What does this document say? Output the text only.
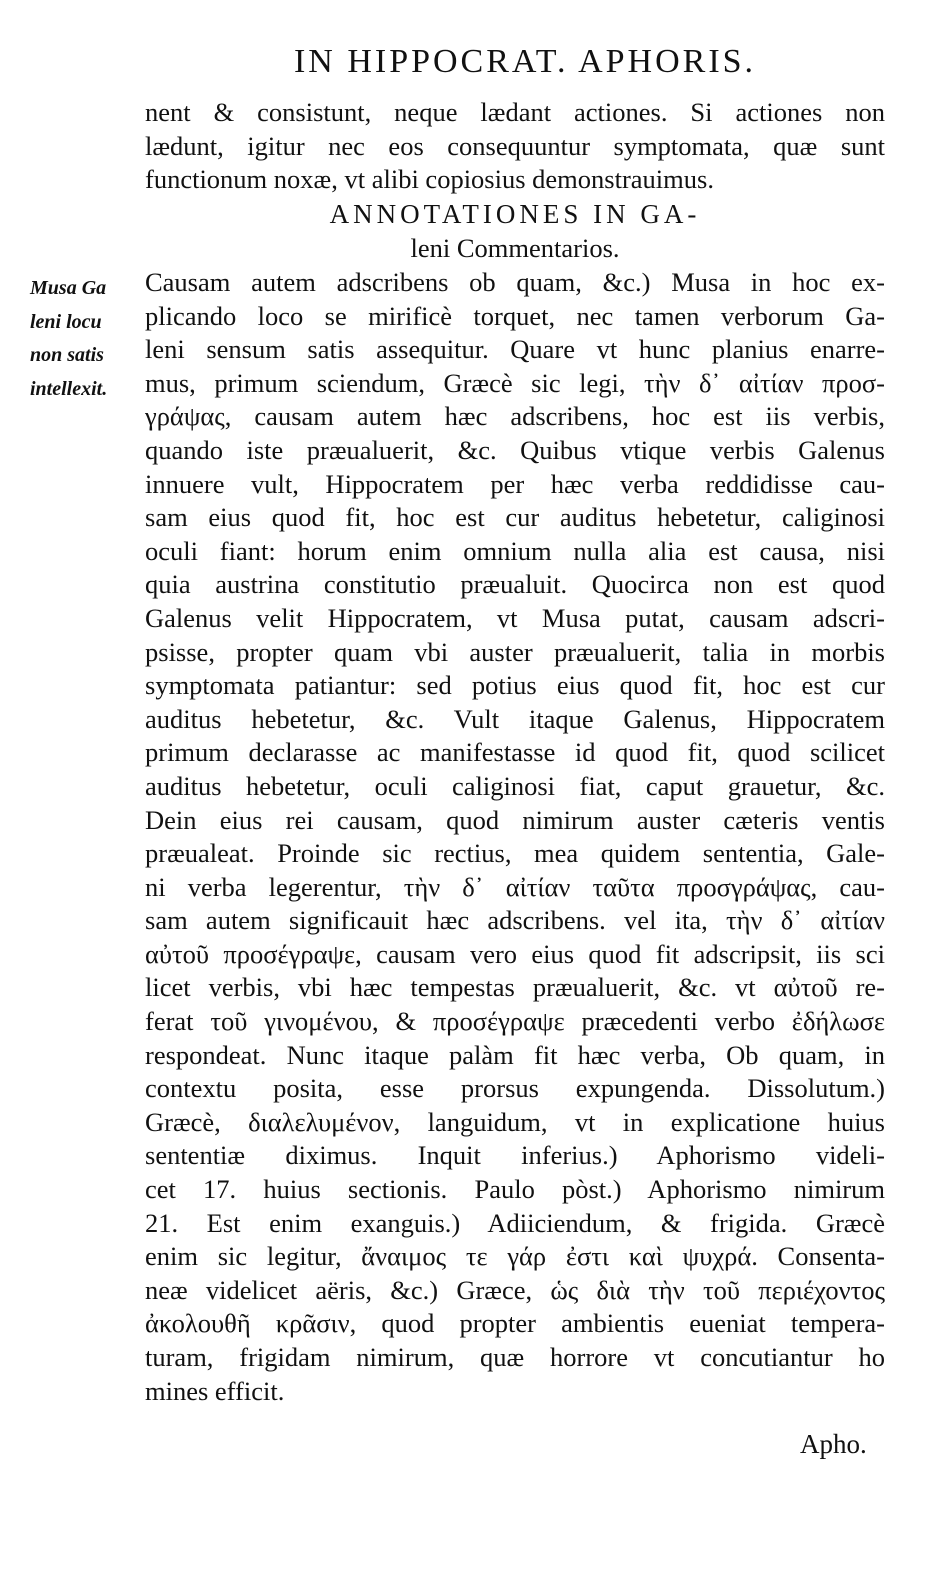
IN HIPPOCRAT. APHORIS.
nent & consistunt, neque lædant actiones. Si actiones non
lædunt, igitur nec eos consequuntur symptomata, quæ sunt
functionum noxæ, vt alibi copiosius demonstrauimus.
ANNOTATIONES IN GA-
leni Commentarios.
Musa Ga
leni locu
non satis
intellexit.
Causam autem adscribens ob quam, &c.) Musa in hoc ex-
plicando loco se mirificè torquet, nec tamen verborum Ga-
leni sensum satis assequitur. Quare vt hunc planius enarre-
mus, primum sciendum, Græcè sic legi, τὴν δ᾽ αἰτίαν προσ-
γράψας, causam autem hæc adscribens, hoc est iis verbis,
quando iste præualuerit, &c. Quibus vtique verbis Galenus
innuere vult, Hippocratem per hæc verba reddidisse cau-
sam eius quod fit, hoc est cur auditus hebetetur, caliginosi
oculi fiant: horum enim omnium nulla alia est causa, nisi
quia austrina constitutio præualuit. Quocirca non est quod
Galenus velit Hippocratem, vt Musa putat, causam adscri-
psisse, propter quam vbi auster præualuerit, talia in morbis
symptomata patiantur: sed potius eius quod fit, hoc est cur
auditus hebetetur, &c. Vult itaque Galenus, Hippocratem
primum declarasse ac manifestasse id quod fit, quod scilicet
auditus hebetetur, oculi caliginosi fiat, caput grauetur, &c.
Dein eius rei causam, quod nimirum auster cæteris ventis
præualeat. Proinde sic rectius, mea quidem sententia, Gale-
ni verba legerentur, τὴν δ᾽ αἰτίαν ταῦτα προσγράψας, cau-
sam autem significauit hæc adscribens. vel ita, τὴν δ᾽ αἰτίαν
αὐτοῦ προσέγραψε, causam vero eius quod fit adscripsit, iis sci
licet verbis, vbi hæc tempestas præualuerit, &c. vt αὐτοῦ re-
ferat τοῦ γινομένου, & προσέγραψε præcedenti verbo ἐδήλωσε
respondeat. Nunc itaque palàm fit hæc verba, Ob quam, in
contextu posita, esse prorsus expungenda. Dissolutum.)
Græcè, διαλελυμένον, languidum, vt in explicatione huius
sententiæ diximus. Inquit inferius.) Aphorismo videli-
cet 17. huius sectionis. Paulo pòst.) Aphorismo nimirum
21. Est enim exanguis.) Adiiciendum, & frigida. Græcè
enim sic legitur, ἄναιμος τε γάρ ἐστι καὶ ψυχρά. Consenta-
neæ videlicet aëris, &c.) Græce, ὡς διὰ τὴν τοῦ περιέχοντος
ἀκολουθῆ κρᾶσιν, quod propter ambientis eueniat tempera-
turam, frigidam nimirum, quæ horrore vt concutiantur ho
mines efficit.
Apho.
